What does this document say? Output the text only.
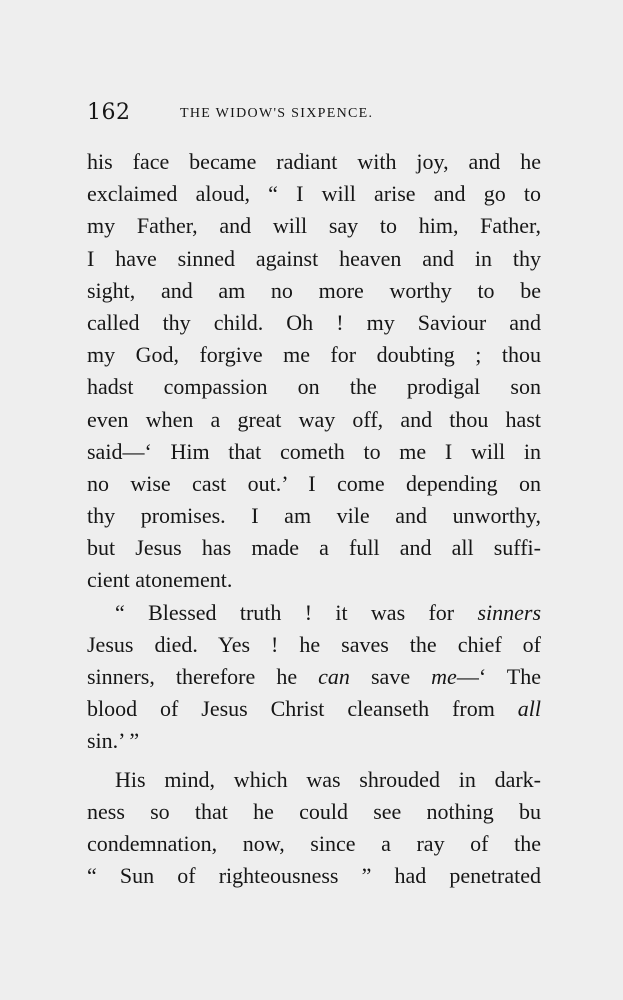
162	THE WIDOW'S SIXPENCE.
his face became radiant with joy, and he
exclaimed aloud, “ I will arise and go to
my Father, and will say to him, Father,
I have sinned against heaven and in thy
sight, and am no more worthy to be
called thy child. Oh ! my Saviour and
my God, forgive me for doubting ; thou
hadst compassion on the prodigal son
even when a great way off, and thou hast
said—‘ Him that cometh to me I will in
no wise cast out.’ I come depending on
thy promises. I am vile and unworthy,
but Jesus has made a full and all suffi-
cient atonement.
“ Blessed truth ! it was for sinners
Jesus died. Yes ! he saves the chief of
sinners, therefore he can save me—‘ The
blood of Jesus Christ cleanseth from all
sin.’ ”
His mind, which was shrouded in dark-
ness so that he could see nothing bu
condemnation, now, since a ray of the
“ Sun of righteousness ” had penetrated
